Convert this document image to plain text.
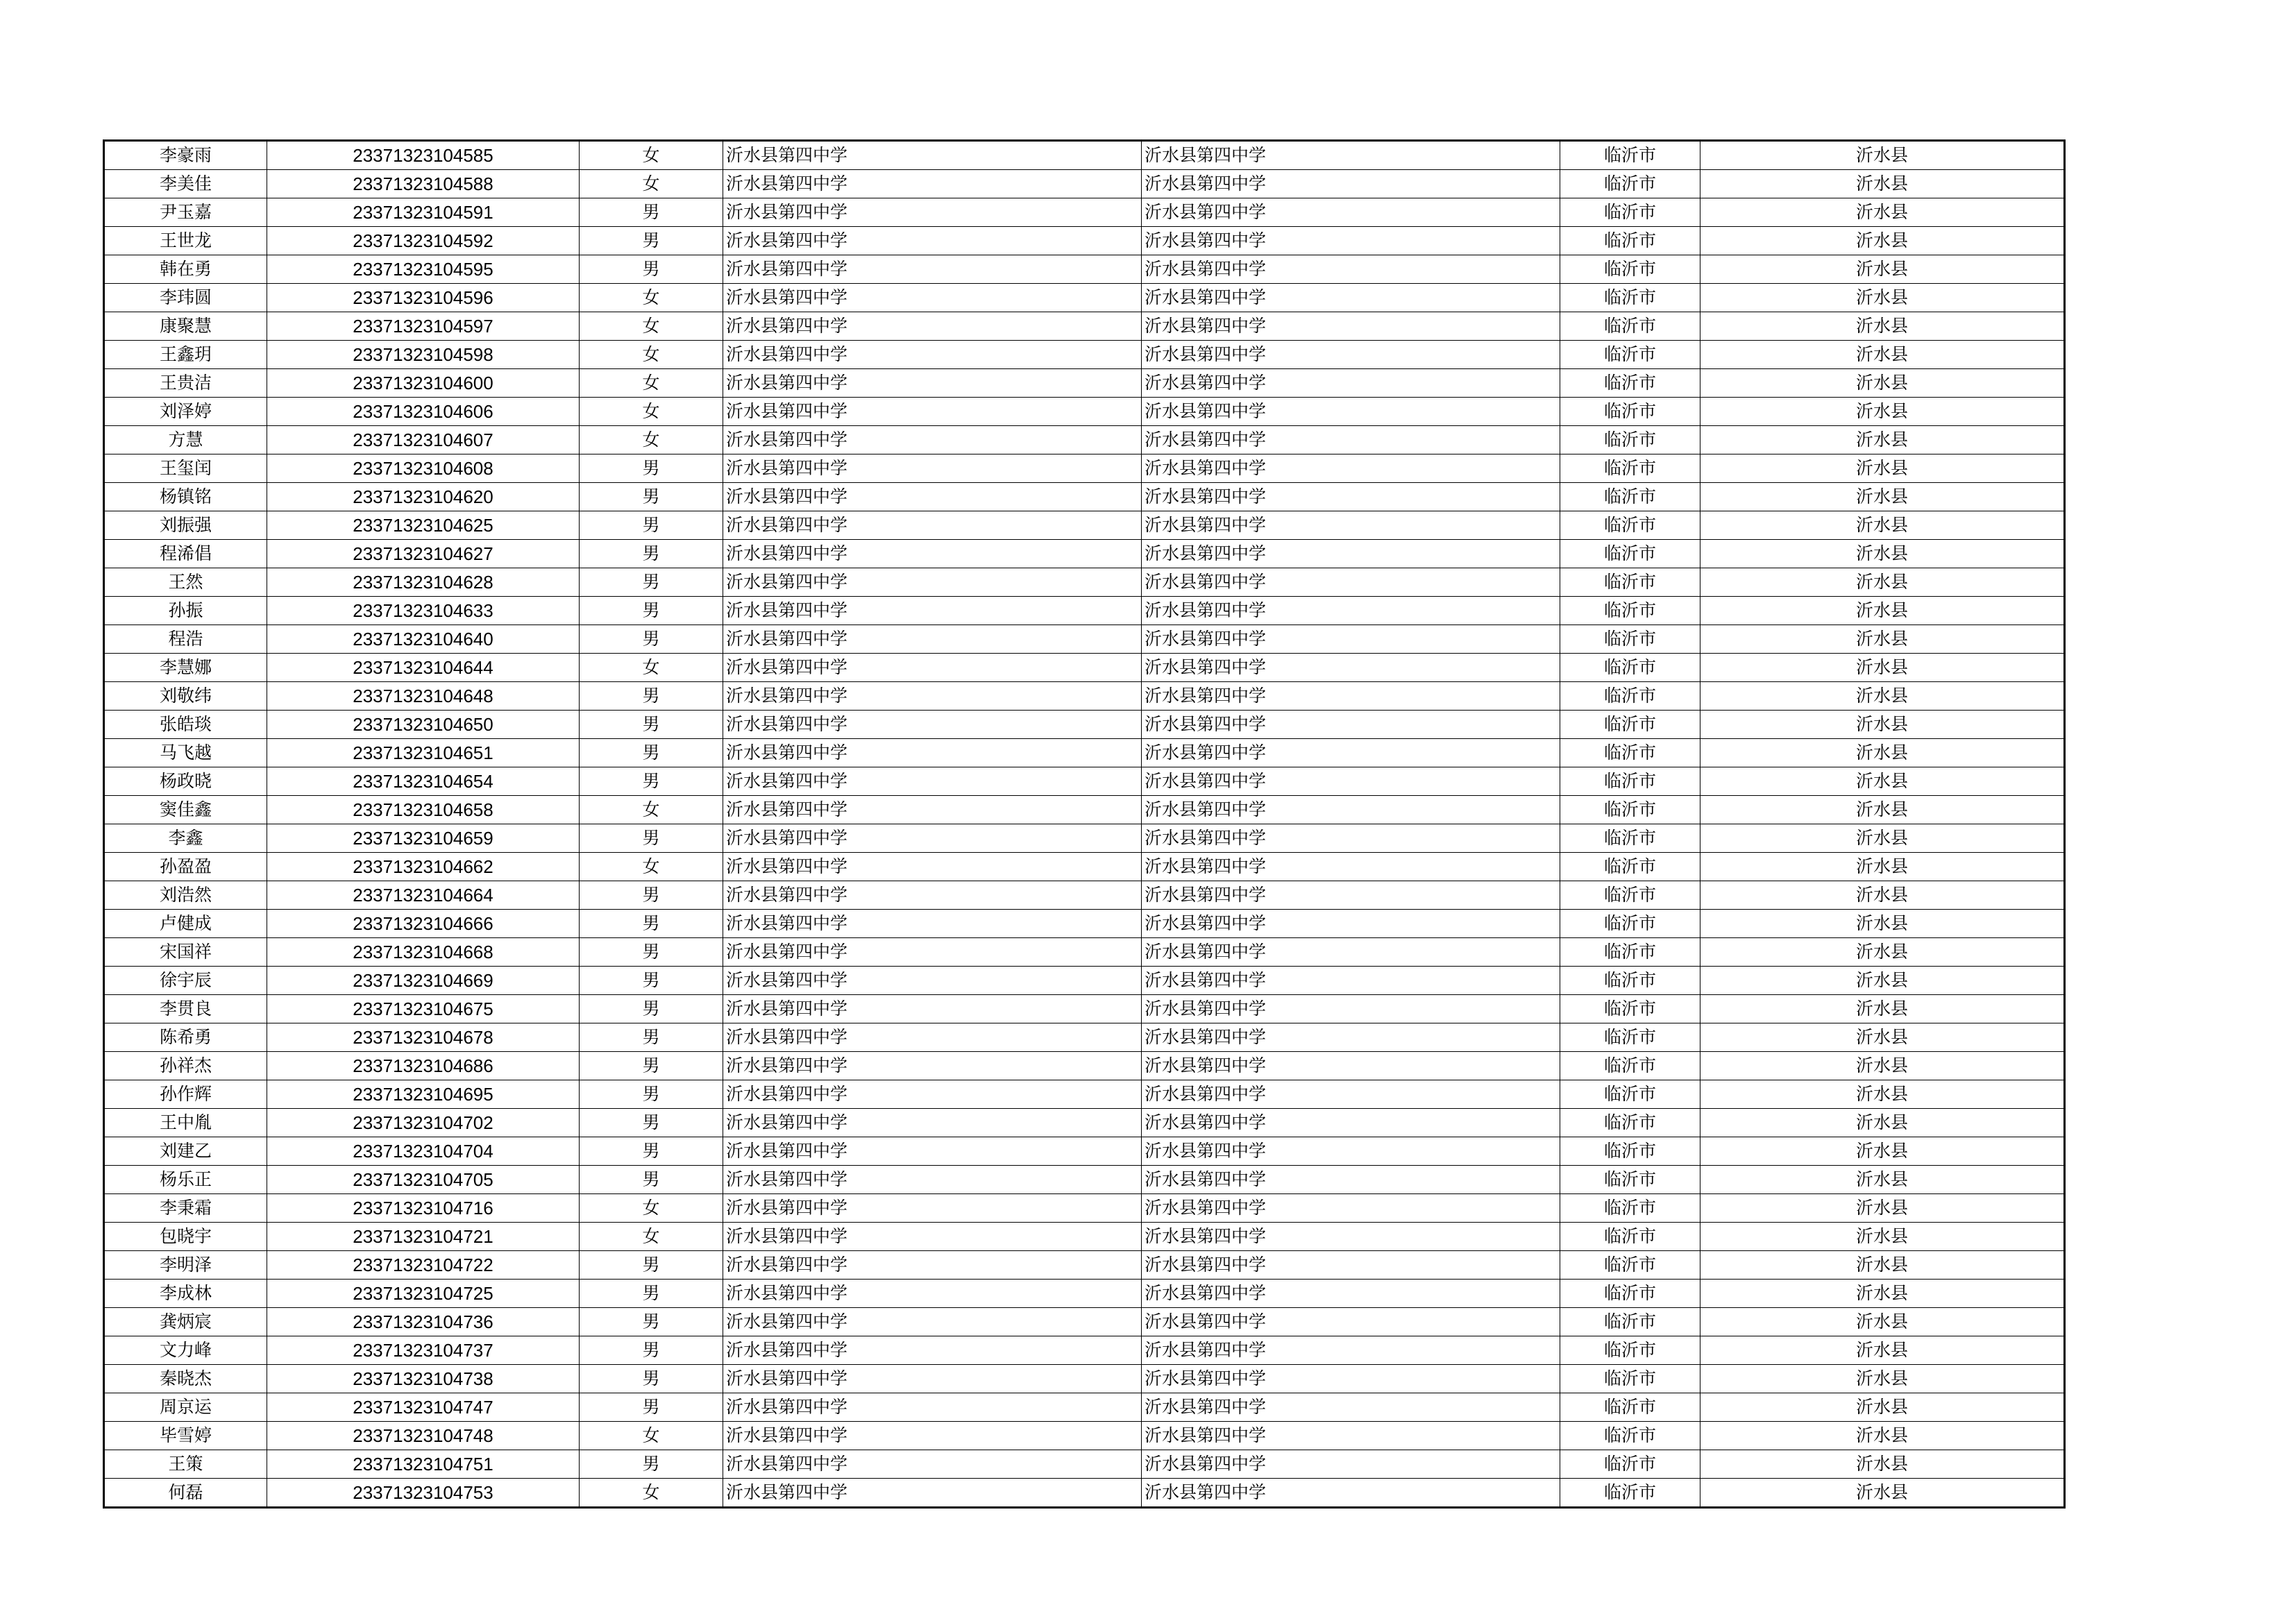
李豪雨	23371323104585	女	沂水县第四中学	沂水县第四中学	临沂市	沂水县
李美佳	23371323104588	女	沂水县第四中学	沂水县第四中学	临沂市	沂水县
尹玉嘉	23371323104591	男	沂水县第四中学	沂水县第四中学	临沂市	沂水县
王世龙	23371323104592	男	沂水县第四中学	沂水县第四中学	临沂市	沂水县
韩在勇	23371323104595	男	沂水县第四中学	沂水县第四中学	临沂市	沂水县
李玮圆	23371323104596	女	沂水县第四中学	沂水县第四中学	临沂市	沂水县
康聚慧	23371323104597	女	沂水县第四中学	沂水县第四中学	临沂市	沂水县
王鑫玥	23371323104598	女	沂水县第四中学	沂水县第四中学	临沂市	沂水县
王贵洁	23371323104600	女	沂水县第四中学	沂水县第四中学	临沂市	沂水县
刘泽婷	23371323104606	女	沂水县第四中学	沂水县第四中学	临沂市	沂水县
方慧	23371323104607	女	沂水县第四中学	沂水县第四中学	临沂市	沂水县
王玺闰	23371323104608	男	沂水县第四中学	沂水县第四中学	临沂市	沂水县
杨镇铭	23371323104620	男	沂水县第四中学	沂水县第四中学	临沂市	沂水县
刘振强	23371323104625	男	沂水县第四中学	沂水县第四中学	临沂市	沂水县
程浠倡	23371323104627	男	沂水县第四中学	沂水县第四中学	临沂市	沂水县
王然	23371323104628	男	沂水县第四中学	沂水县第四中学	临沂市	沂水县
孙振	23371323104633	男	沂水县第四中学	沂水县第四中学	临沂市	沂水县
程浩	23371323104640	男	沂水县第四中学	沂水县第四中学	临沂市	沂水县
李慧娜	23371323104644	女	沂水县第四中学	沂水县第四中学	临沂市	沂水县
刘敬纬	23371323104648	男	沂水县第四中学	沂水县第四中学	临沂市	沂水县
张皓琰	23371323104650	男	沂水县第四中学	沂水县第四中学	临沂市	沂水县
马飞越	23371323104651	男	沂水县第四中学	沂水县第四中学	临沂市	沂水县
杨政晓	23371323104654	男	沂水县第四中学	沂水县第四中学	临沂市	沂水县
窦佳鑫	23371323104658	女	沂水县第四中学	沂水县第四中学	临沂市	沂水县
李鑫	23371323104659	男	沂水县第四中学	沂水县第四中学	临沂市	沂水县
孙盈盈	23371323104662	女	沂水县第四中学	沂水县第四中学	临沂市	沂水县
刘浩然	23371323104664	男	沂水县第四中学	沂水县第四中学	临沂市	沂水县
卢健成	23371323104666	男	沂水县第四中学	沂水县第四中学	临沂市	沂水县
宋国祥	23371323104668	男	沂水县第四中学	沂水县第四中学	临沂市	沂水县
徐宇辰	23371323104669	男	沂水县第四中学	沂水县第四中学	临沂市	沂水县
李贯良	23371323104675	男	沂水县第四中学	沂水县第四中学	临沂市	沂水县
陈希勇	23371323104678	男	沂水县第四中学	沂水县第四中学	临沂市	沂水县
孙祥杰	23371323104686	男	沂水县第四中学	沂水县第四中学	临沂市	沂水县
孙作辉	23371323104695	男	沂水县第四中学	沂水县第四中学	临沂市	沂水县
王中胤	23371323104702	男	沂水县第四中学	沂水县第四中学	临沂市	沂水县
刘建乙	23371323104704	男	沂水县第四中学	沂水县第四中学	临沂市	沂水县
杨乐正	23371323104705	男	沂水县第四中学	沂水县第四中学	临沂市	沂水县
李秉霜	23371323104716	女	沂水县第四中学	沂水县第四中学	临沂市	沂水县
包晓宇	23371323104721	女	沂水县第四中学	沂水县第四中学	临沂市	沂水县
李明泽	23371323104722	男	沂水县第四中学	沂水县第四中学	临沂市	沂水县
李成林	23371323104725	男	沂水县第四中学	沂水县第四中学	临沂市	沂水县
龚炳宸	23371323104736	男	沂水县第四中学	沂水县第四中学	临沂市	沂水县
文力峰	23371323104737	男	沂水县第四中学	沂水县第四中学	临沂市	沂水县
秦晓杰	23371323104738	男	沂水县第四中学	沂水县第四中学	临沂市	沂水县
周京运	23371323104747	男	沂水县第四中学	沂水县第四中学	临沂市	沂水县
毕雪婷	23371323104748	女	沂水县第四中学	沂水县第四中学	临沂市	沂水县
王策	23371323104751	男	沂水县第四中学	沂水县第四中学	临沂市	沂水县
何磊	23371323104753	女	沂水县第四中学	沂水县第四中学	临沂市	沂水县
